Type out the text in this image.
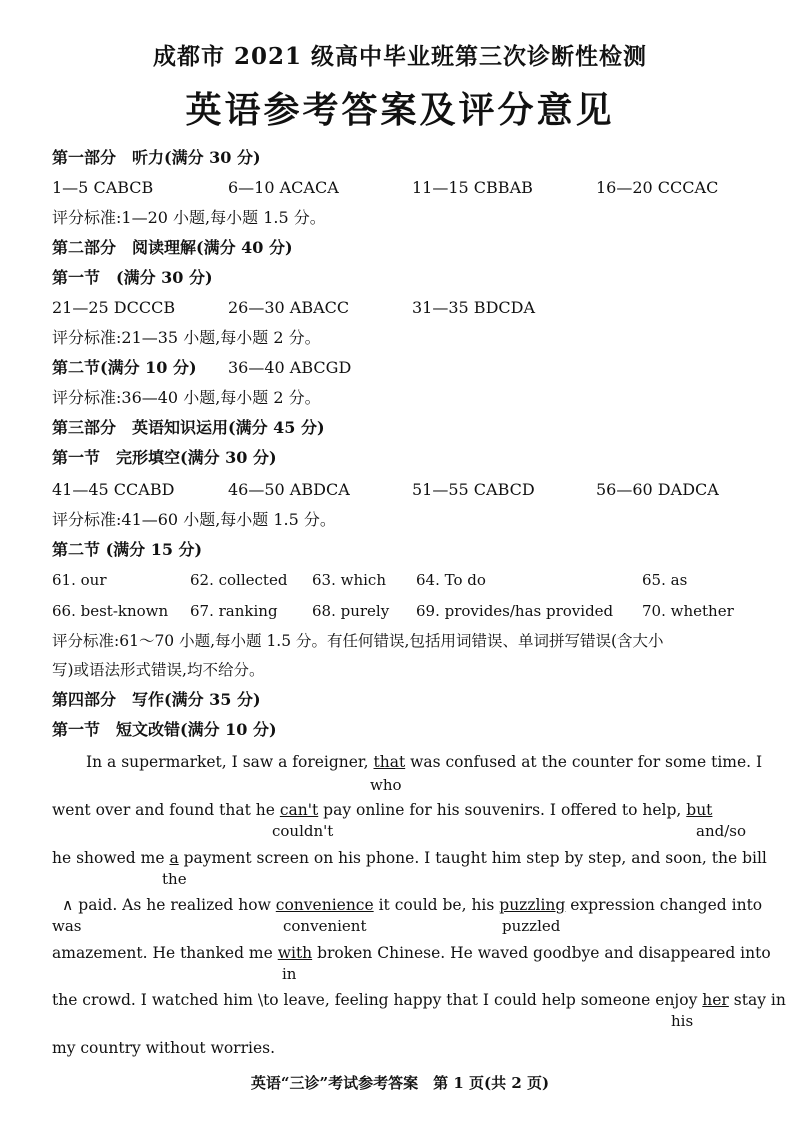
成都市 2021 级高中毕业班第三次诊断性检测
英语参考答案及评分意见
第一部分　听力(满分 30 分)
1—5 CABCB	6—10 ACACA	11—15 CBBAB	16—20 CCCAC
评分标准:1—20 小题,每小题 1.5 分。
第二部分　阅读理解(满分 40 分)
第一节　(满分 30 分)
21—25 DCCCB	26—30 ABACC	31—35 BDCDA
评分标准:21—35 小题,每小题 2 分。
第二节(满分 10 分) 36—40 ABCGD
评分标准:36—40 小题,每小题 2 分。
第三部分　英语知识运用(满分 45 分)
第一节　完形填空(满分 30 分)
41—45 CCABD	46—50 ABDCA	51—55 CABCD	56—60 DADCA
评分标准:41—60 小题,每小题 1.5 分。
第二节 (满分 15 分)
61. our	62. collected 63. which 64. To do	65. as
66. best-known 67. ranking 68. purely 69. provides/has provided 70. whether
评分标准:61～70 小题,每小题 1.5 分。有任何错误,包括用词错误、单词拼写错误(含大小
写)或语法形式错误,均不给分。
第四部分　写作(满分 35 分)
第一节　短文改错(满分 10 分)
In a supermarket, I saw a foreigner, that was confused at the counter for some time. I
who
went over and found that he can't pay online for his souvenirs. I offered to help, but
couldn't	and/so
he showed me a payment screen on his phone. I taught him step by step, and soon, the bill
the
∧ paid. As he realized how convenience it could be, his puzzling expression changed into
was	convenient	puzzled
amazement. He thanked me with broken Chinese. He waved goodbye and disappeared into
in
the crowd. I watched him \to leave, feeling happy that I could help someone enjoy her stay in
his
my country without worries.
英语“三诊”考试参考答案　第 1 页(共 2 页)
